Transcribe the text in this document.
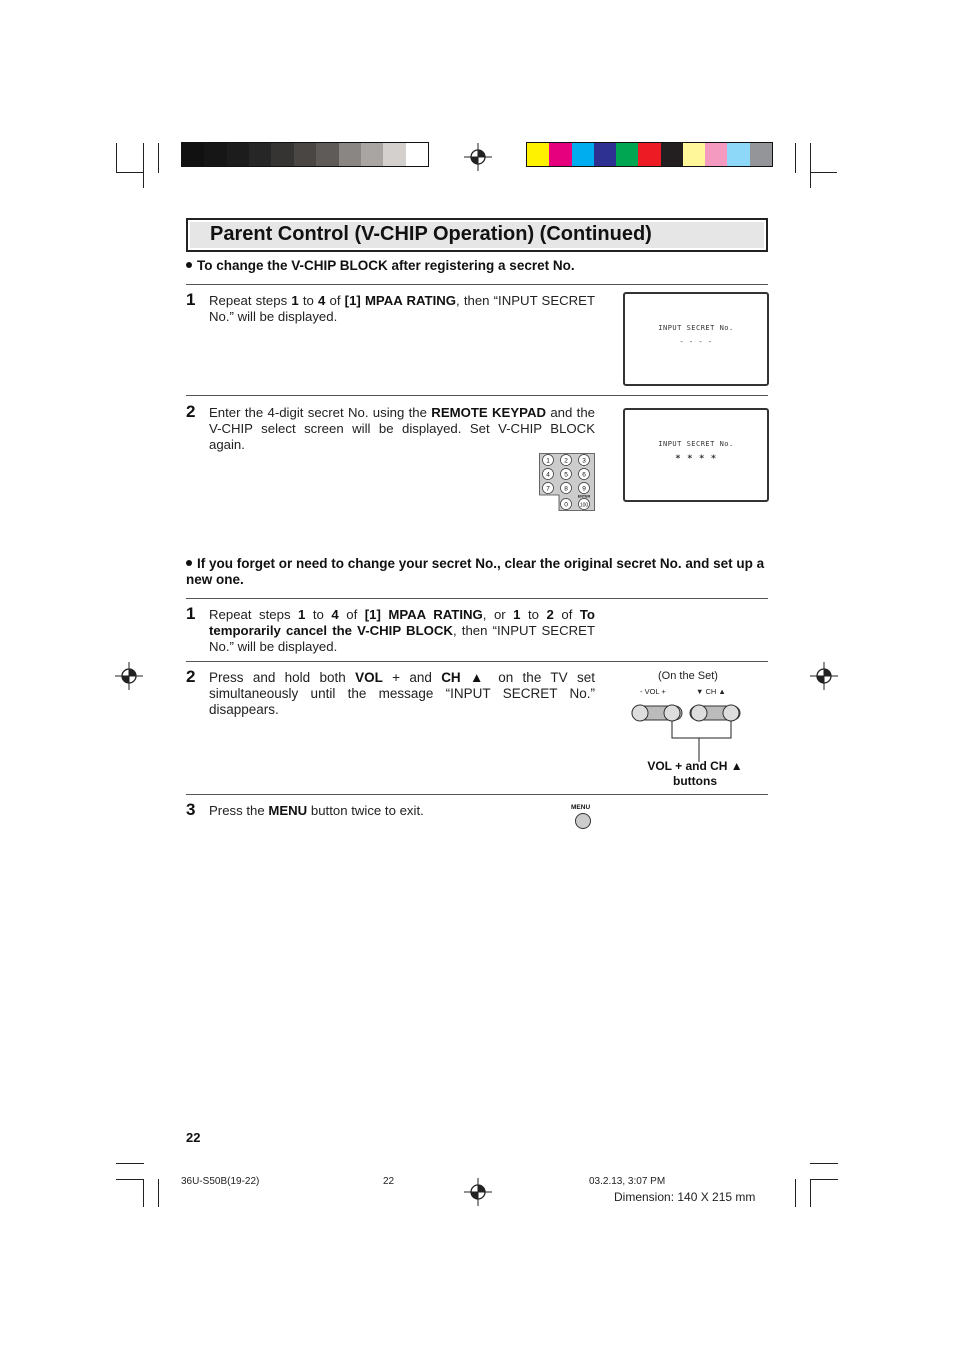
Parent Control (V-CHIP Operation) (Continued)
To change the V-CHIP BLOCK after registering a secret No.
1 Repeat steps 1 to 4 of [1] MPAA RATING, then “INPUT SECRET No.” will be displayed.
INPUT SECRET No.
- - - -
2 Enter the 4-digit secret No. using the REMOTE KEYPAD and the V-CHIP select screen will be displayed. Set V-CHIP BLOCK again.	INPUT SECRET No.
* * * *
1 2 3
4 5 6
7 8 9
0 100
ENTER
If you forget or need to change your secret No., clear the original secret No. and set up a new one.
1 Repeat steps 1 to 4 of [1] MPAA RATING, or 1 to 2 of To temporarily cancel the V-CHIP BLOCK, then “INPUT SECRET No.” will be displayed.
2 Press and hold both VOL + and CH ▲ on the TV set simultaneously until the message “INPUT SECRET No.” disappears.
(On the Set)
- VOL +	▼ CH ▲
VOL + and CH ▲
buttons
3 Press the MENU button twice to exit.	MENU
22
36U-S50B(19-22)	22	03.2.13, 3:07 PM
Dimension: 140 X 215 mm
